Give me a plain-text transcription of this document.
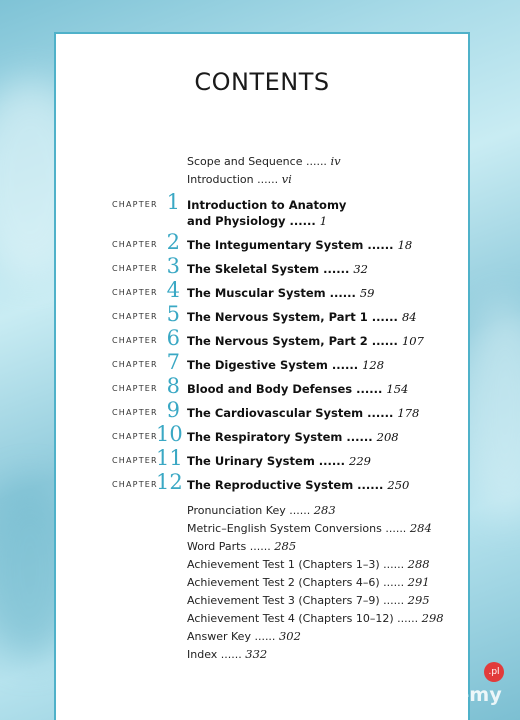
CONTENTS
Scope and Sequence ...... iv
Introduction ...... vi
CHAPTER 1 Introduction to Anatomy
and Physiology ...... 1
CHAPTER 2 The Integumentary System ...... 18
CHAPTER 3 The Skeletal System ...... 32
CHAPTER 4 The Muscular System ...... 59
CHAPTER 5 The Nervous System, Part 1 ...... 84
CHAPTER 6 The Nervous System, Part 2 ...... 107
CHAPTER 7 The Digestive System ...... 128
CHAPTER 8 Blood and Body Defenses ...... 154
CHAPTER 9 The Cardiovascular System ...... 178
CHAPTER
10 The Respiratory System ...... 208
CHAPTER
11 The Urinary System ...... 229
CHAPTER
12 The Reproductive System ...... 250
Pronunciation Key ...... 283
Metric–English System Conversions ...... 284
Word Parts ...... 285
Achievement Test 1 (Chapters 1–3) ...... 288
Achievement Test 2 (Chapters 4–6) ...... 291
Achievement Test 3 (Chapters 7–9) ...... 295
Achievement Test 4 (Chapters 10–12) ...... 298
Answer Key ...... 302
Index ...... 332
.pl
Sprzedajemy
